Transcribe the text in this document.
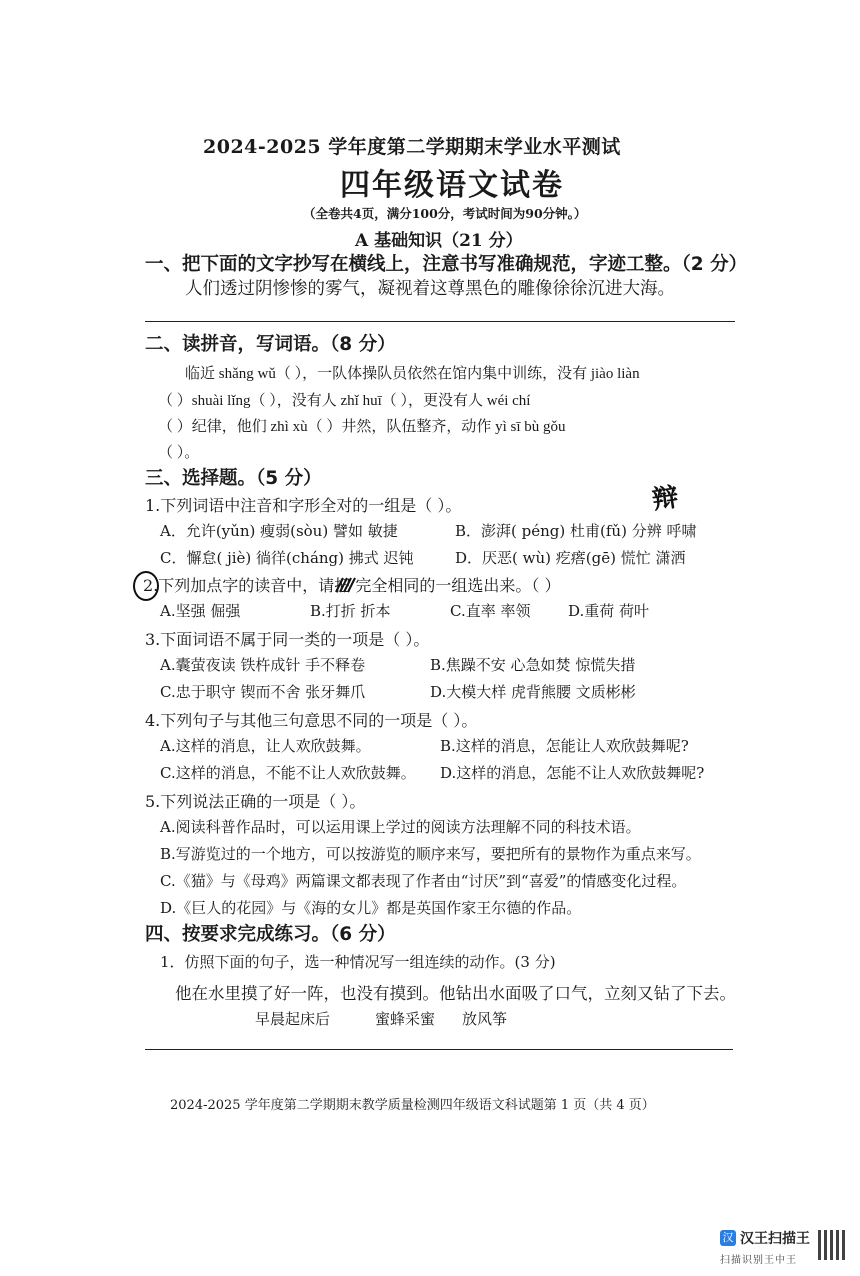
2024-2025 学年度第二学期期末学业水平测试
四年级语文试卷
（全卷共4页，满分100分，考试时间为90分钟。）
A 基础知识（21 分）
一、把下面的文字抄写在横线上，注意书写准确规范，字迹工整。（2 分）
人们透过阴惨惨的雾气，凝视着这尊黑色的雕像徐徐沉进大海。
二、读拼音，写词语。（8 分）
临近 shǎng wǔ（ ），一队体操队员依然在馆内集中训练，没有 jiào liàn
（ ）shuài lǐng（ ），没有人 zhǐ huī（ ），更没有人 wéi chí
（ ）纪律，他们 zhì xù（ ）井然，队伍整齐，动作 yì sī bù gǒu
（ ）。
三、选择题。（5 分）
1.下列词语中注音和字形全对的一组是（ ）。
A．允许(yǔn) 瘦弱(sòu) 譬如 敏捷	B．澎湃( péng) 杜甫(fǔ) 分辨 呼啸
辩
C．懈怠( jiè) 徜徉(cháng) 拂式 迟钝	D．厌恶( wù) 疙瘩(gē) 慌忙 潇洒
2.下列加点字的读音中，请把 完全相同的一组选出来。（ ）
A.坚强 倔强	B.打折 折本	C.直率 率领	D.重荷 荷叶
3.下面词语不属于同一类的一项是（ ）。
A.囊萤夜读 铁杵成针 手不释卷	B.焦躁不安 心急如焚 惊慌失措
C.忠于职守 锲而不舍 张牙舞爪	D.大模大样 虎背熊腰 文质彬彬
4.下列句子与其他三句意思不同的一项是（ ）。
A.这样的消息，让人欢欣鼓舞。	B.这样的消息，怎能让人欢欣鼓舞呢?
C.这样的消息，不能不让人欢欣鼓舞。 D.这样的消息，怎能不让人欢欣鼓舞呢?
5.下列说法正确的一项是（ ）。
A.阅读科普作品时，可以运用课上学过的阅读方法理解不同的科技术语。
B.写游览过的一个地方，可以按游览的顺序来写，要把所有的景物作为重点来写。
C.《猫》与《母鸡》两篇课文都表现了作者由“讨厌”到“喜爱”的情感变化过程。
D.《巨人的花园》与《海的女儿》都是英国作家王尔德的作品。
四、按要求完成练习。（6 分）
1．仿照下面的句子，选一种情况写一组连续的动作。(3 分)
他在水里摸了好一阵，也没有摸到。他钻出水面吸了口气，立刻又钻了下去。
早晨起床后	蜜蜂采蜜 放风筝
2024-2025 学年度第二学期期末教学质量检测四年级语文科试题第 1 页（共 4 页）
汉 汉王扫描王
扫描识别王中王
